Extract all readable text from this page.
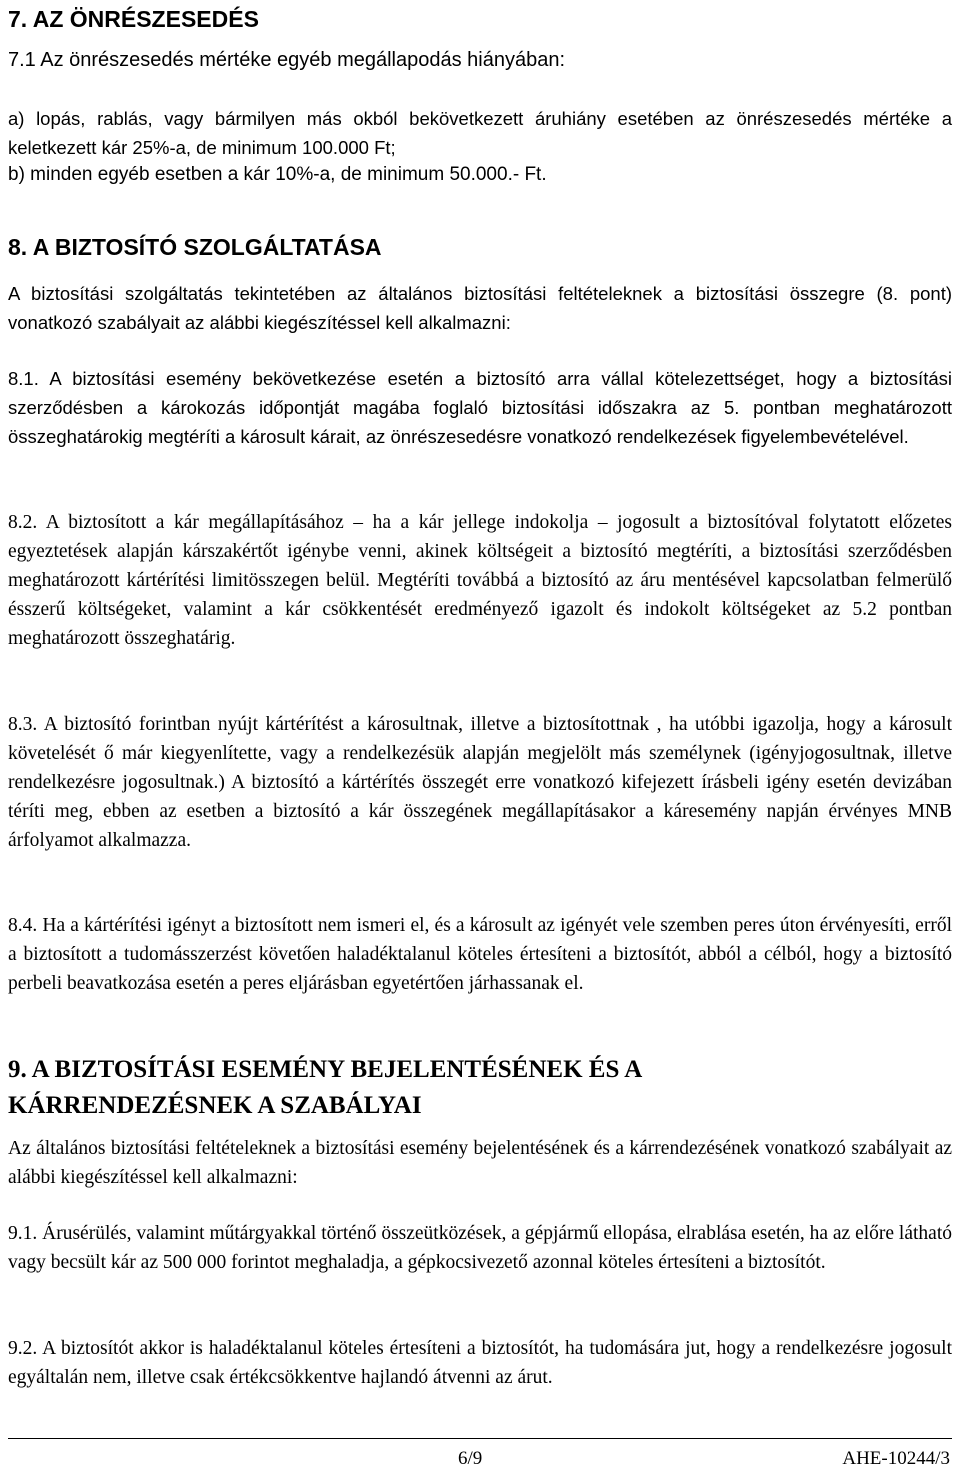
7. AZ ÖNRÉSZESEDÉS
7.1 Az önrészesedés mértéke egyéb megállapodás hiányában:
a) lopás, rablás, vagy bármilyen más okból bekövetkezett áruhiány esetében az önrészesedés mértéke a keletkezett kár 25%-a, de minimum 100.000 Ft;
b) minden egyéb esetben a kár 10%-a, de minimum 50.000.- Ft.
8. A BIZTOSÍTÓ SZOLGÁLTATÁSA
A biztosítási szolgáltatás tekintetében az általános biztosítási feltételeknek a biztosítási összegre (8. pont) vonatkozó szabályait az alábbi kiegészítéssel kell alkalmazni:
8.1. A biztosítási esemény bekövetkezése esetén a biztosító arra vállal kötelezettséget, hogy a biztosítási szerződésben a károkozás időpontját magába foglaló biztosítási időszakra az 5. pontban meghatározott összeghatárokig megtéríti a károsult kárait, az önrészesedésre vonatkozó rendelkezések figyelembevételével.
8.2. A biztosított a kár megállapításához – ha a kár jellege indokolja – jogosult a biztosítóval folytatott előzetes egyeztetések alapján kárszakértőt igénybe venni, akinek költségeit a biztosító megtéríti, a biztosítási szerződésben meghatározott kártérítési limitösszegen belül. Megtéríti továbbá a biztosító az áru mentésével kapcsolatban felmerülő ésszerű költségeket, valamint a kár csökkentését eredményező igazolt és indokolt költségeket az 5.2 pontban meghatározott összeghatárig.
8.3. A biztosító forintban nyújt kártérítést a károsultnak, illetve a biztosítottnak , ha utóbbi igazolja, hogy a károsult követelését ő már kiegyenlítette, vagy a rendelkezésük alapján megjelölt más személynek (igényjogosultnak, illetve rendelkezésre jogosultnak.) A biztosító a kártérítés összegét erre vonatkozó kifejezett írásbeli igény esetén devizában téríti meg, ebben az esetben a biztosító a kár összegének megállapításakor a káresemény napján érvényes MNB árfolyamot alkalmazza.
8.4. Ha a kártérítési igényt a biztosított nem ismeri el, és a károsult az igényét vele szemben peres úton érvényesíti, erről a biztosított a tudomásszerzést követően haladéktalanul köteles értesíteni a biztosítót, abból a célból, hogy a biztosító perbeli beavatkozása esetén a peres eljárásban egyetértően járhassanak el.
9. A BIZTOSÍTÁSI ESEMÉNY BEJELENTÉSÉNEK ÉS A
KÁRRENDEZÉSNEK A SZABÁLYAI
Az általános biztosítási feltételeknek a biztosítási esemény bejelentésének és a kárrendezésének vonatkozó szabályait az alábbi kiegészítéssel kell alkalmazni:
9.1. Árusérülés, valamint műtárgyakkal történő összeütközések, a gépjármű ellopása, elrablása esetén, ha az előre látható vagy becsült kár az 500 000 forintot meghaladja, a gépkocsivezető azonnal köteles értesíteni a biztosítót.
9.2. A biztosítót akkor is haladéktalanul köteles értesíteni a biztosítót, ha tudomására jut, hogy a rendelkezésre jogosult egyáltalán nem, illetve csak értékcsökkentve hajlandó átvenni az árut.
6/9	AHE-10244/3
